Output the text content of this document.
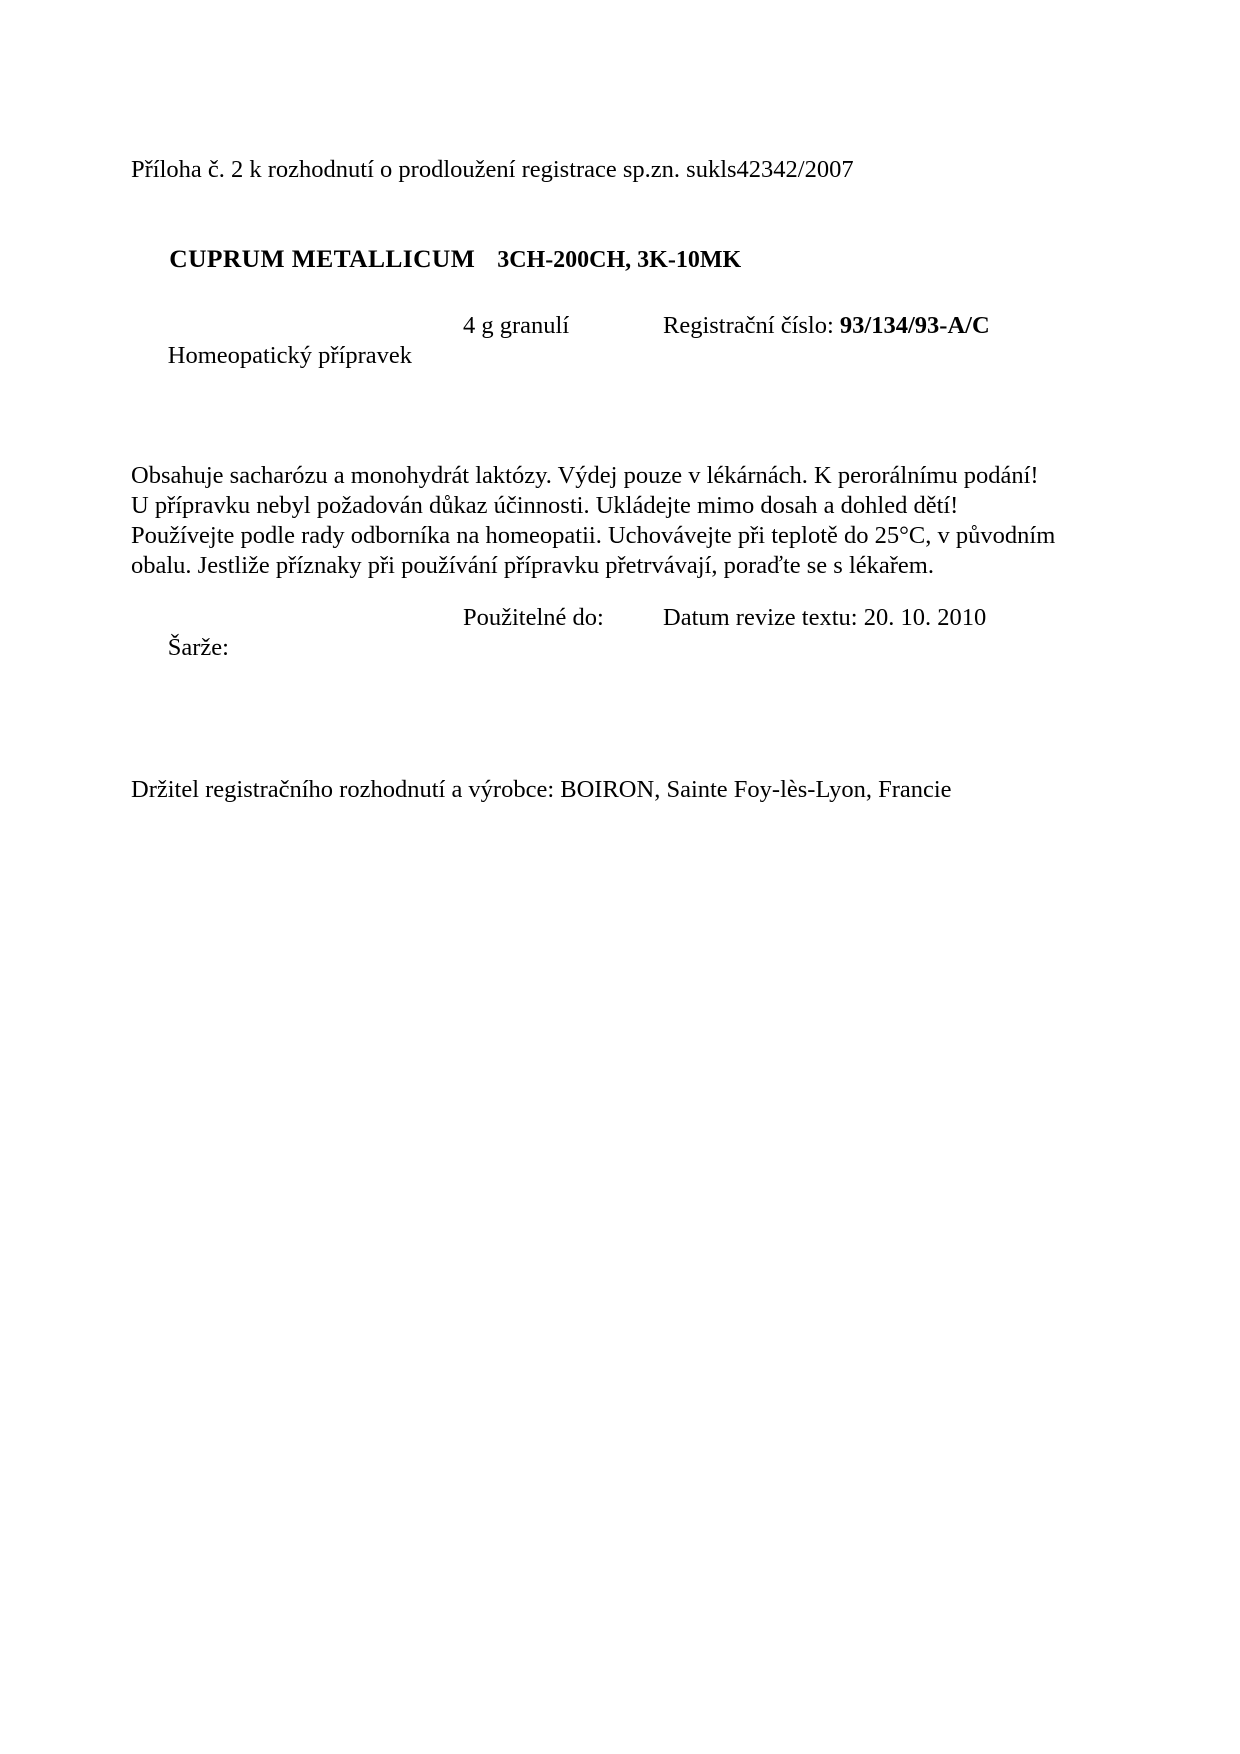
Příloha č. 2 k rozhodnutí o prodloužení registrace sp.zn. sukls42342/2007

CUPRUM METALLICUM 3CH-200CH, 3K-10MK

Homeopatický přípravek

4 g granulí

	Registrační číslo: 93/134/93-A/C

Obsahuje sacharózu a monohydrát laktózy. Výdej pouze v lékárnách. K perorálnímu podání!
U přípravku nebyl požadován důkaz účinnosti. Ukládejte mimo dosah a dohled dětí!
Používejte podle rady odborníka na homeopatii. Uchovávejte při teplotě do 25°C, v původním
obalu. Jestliže příznaky při používání přípravku přetrvávají, poraďte se s lékařem.

Šarže:

Použitelné do:

Datum revize textu: 20. 10. 2010

Držitel registračního rozhodnutí a výrobce: BOIRON, Sainte Foy-lès-Lyon, Francie
